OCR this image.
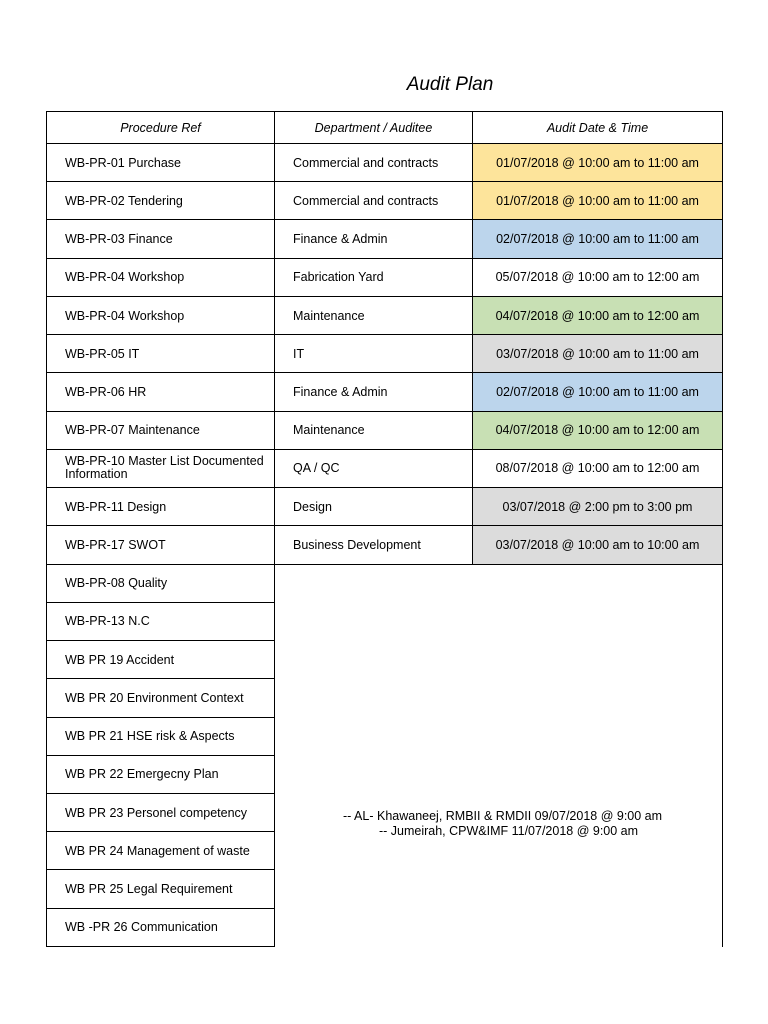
Audit Plan
Procedure Ref	Department / Auditee	Audit Date & Time
WB-PR-01 Purchase	Commercial and contracts	01/07/2018 @ 10:00 am to 11:00 am
WB-PR-02 Tendering	Commercial and contracts	01/07/2018 @ 10:00 am to 11:00 am
WB-PR-03 Finance	Finance & Admin	02/07/2018 @ 10:00 am to 11:00 am
WB-PR-04 Workshop	Fabrication Yard	05/07/2018 @ 10:00 am to 12:00 am
WB-PR-04 Workshop	Maintenance	04/07/2018 @ 10:00 am to 12:00 am
WB-PR-05 IT	IT	03/07/2018 @ 10:00 am to 11:00 am
WB-PR-06 HR	Finance & Admin	02/07/2018 @ 10:00 am to 11:00 am
WB-PR-07 Maintenance	Maintenance	04/07/2018 @ 10:00 am to 12:00 am
WB-PR-10 Master List Documented Information	QA / QC	08/07/2018 @ 10:00 am to 12:00 am
WB-PR-11 Design	Design	03/07/2018 @ 2:00 pm to 3:00 pm
WB-PR-17 SWOT	Business Development	03/07/2018 @ 10:00 am to 10:00 am
WB-PR-08 Quality
WB-PR-13 N.C
WB PR 19 Accident
WB PR 20 Environment Context
WB PR 21 HSE risk & Aspects
WB PR 22 Emergecny Plan
WB PR 23 Personel competency
WB PR 24 Management of waste
WB PR 25 Legal Requirement
WB -PR 26 Communication
-- AL- Khawaneej, RMBII & RMDII 09/07/2018 @ 9:00 am
-- Jumeirah, CPW&IMF 11/07/2018 @ 9:00 am
